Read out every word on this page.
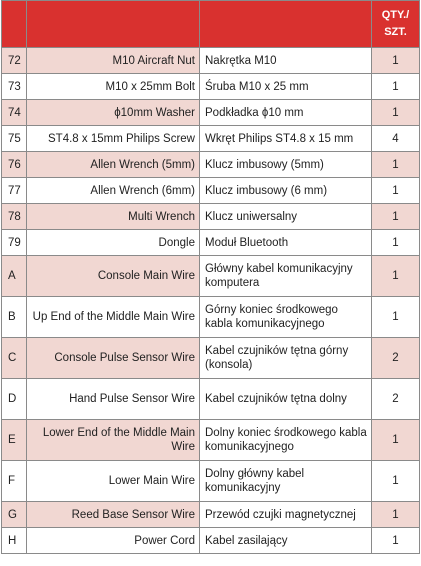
			QTY./
SZT.

72	M10 Aircraft Nut	Nakrętka M10	1
73	M10 x 25mm Bolt	Śruba M10 x 25 mm	1
74	ϕ10mm Washer	Podkładka ϕ10 mm	1
75	ST4.8 x 15mm Philips Screw	Wkręt Philips ST4.8 x 15 mm	4
76	Allen Wrench (5mm)	Klucz imbusowy (5mm)	1
77	Allen Wrench (6mm)	Klucz imbusowy (6 mm)	1
78	Multi Wrench	Klucz uniwersalny	1
79	Dongle	Moduł Bluetooth	1
A	Console Main Wire	Główny kabel komunikacyjny komputera	1
B	Up End of the Middle Main Wire	Górny koniec środkowego kabla komunikacyjnego	1
C	Console Pulse Sensor Wire	Kabel czujników tętna górny (konsola)	2
D	Hand Pulse Sensor Wire	Kabel czujników tętna dolny	2
E	Lower End of the Middle Main Wire	Dolny koniec środkowego kabla komunikacyjnego	1
F	Lower Main Wire	Dolny główny kabel komunikacyjny	1
G	Reed Base Sensor Wire	Przewód czujki magnetycznej	1
H	Power Cord	Kabel zasilający	1
